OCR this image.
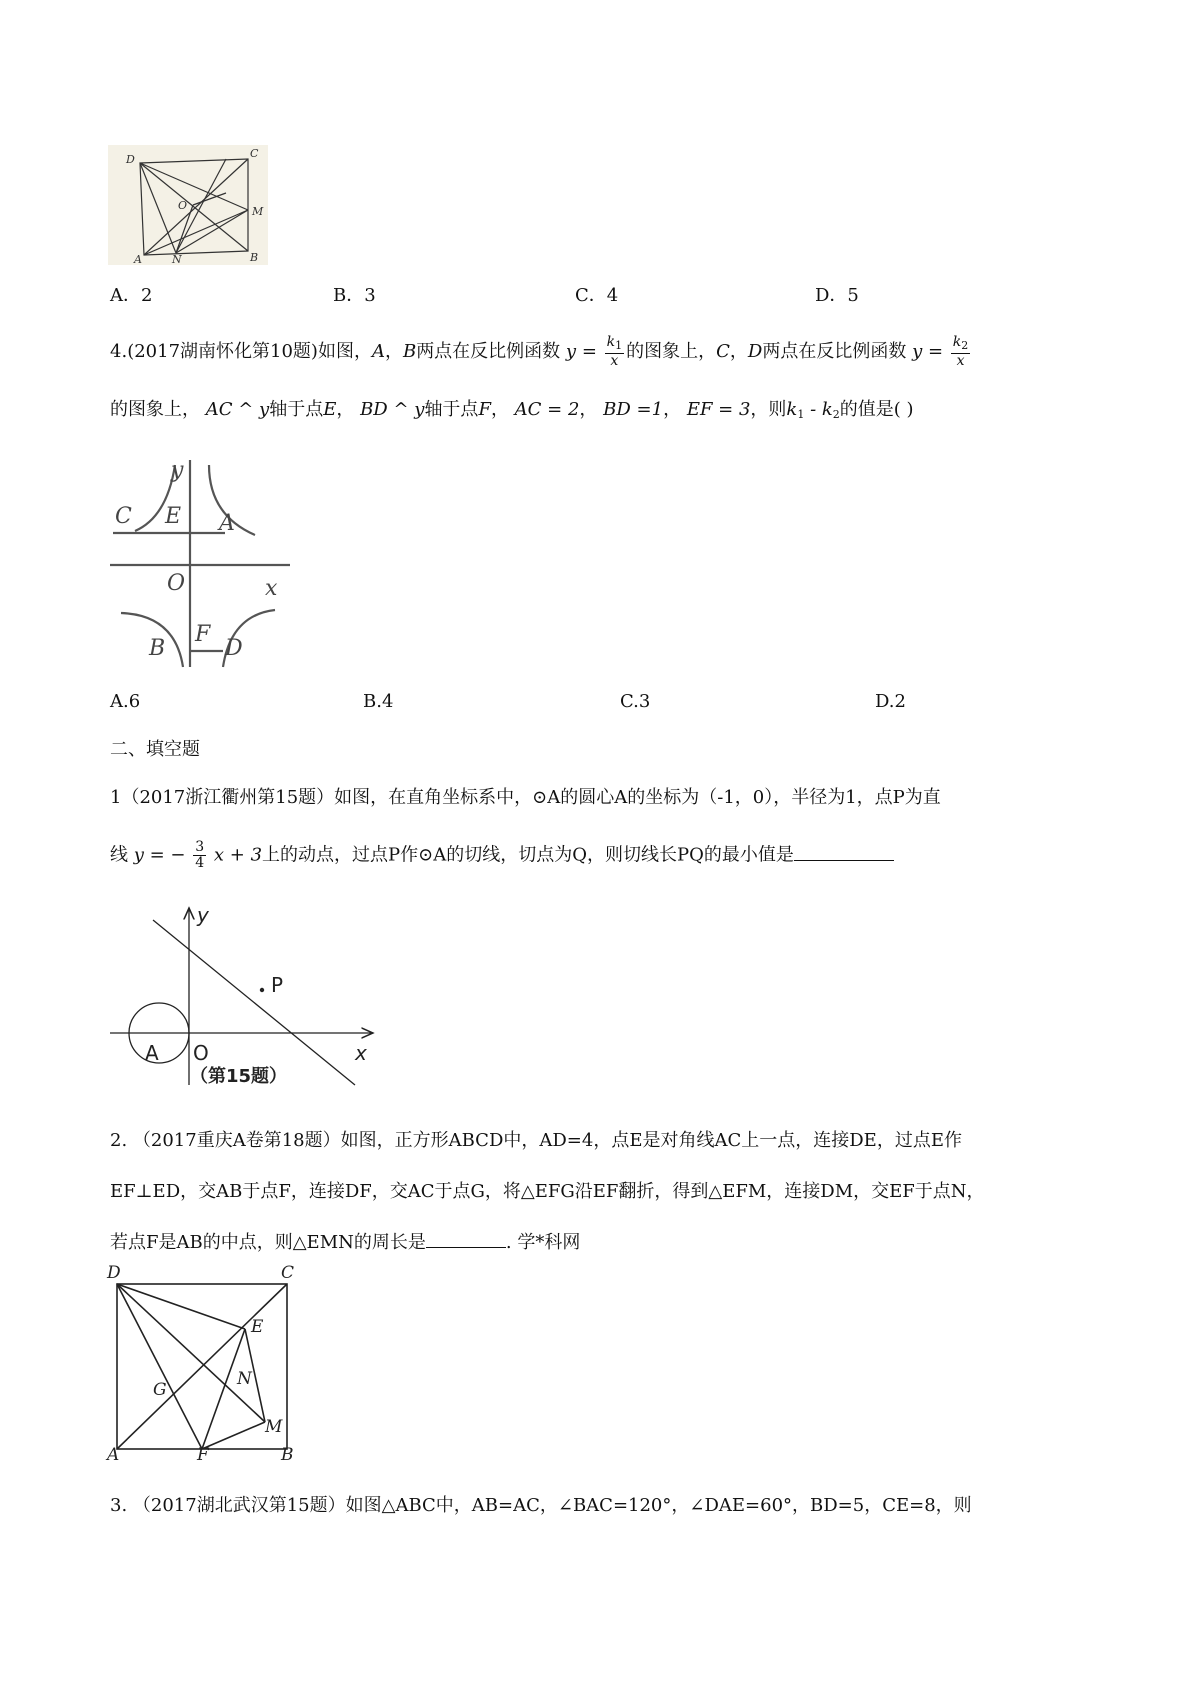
D	C
O	M
A	N	B
A．2	B．3	C．4	D．5
4.(2017湖南怀化第10题)如图，A，B两点在反比例函数 $y = \frac{k_1}{x}$ 的图象上，C，D两点在反比例函数 $y = \frac{k_2}{x}$
的图象上， AC ^ y轴于点E， BD ^ y轴于点F， AC = 2， BD =1， EF = 3，则$k_1 - k_2$的值是( )
y
C E A
O	x
B
F
D
A.6	B.4	C.3	D.2
二、填空题
1（2017浙江衢州第15题）如图，在直角坐标系中，⊙A的圆心A的坐标为（-1，0），半径为1，点P为直
线 y = − $\frac{3}{4}$ x + 3上的动点，过点P作⊙A的切线，切点为Q，则切线长PQ的最小值是
y
P
A O	x
（第15题）
2. （2017重庆A卷第18题）如图，正方形ABCD中，AD=4，点E是对角线AC上一点，连接DE，过点E作
EF⊥ED，交AB于点F，连接DF，交AC于点G，将△EFG沿EF翻折，得到△EFM，连接DM，交EF于点N，
若点F是AB的中点，则△EMN的周长是	. 学*科网
D	C
E
G
N
M
A	F	B
3. （2017湖北武汉第15题）如图△ABC中，AB=AC，∠BAC=120°，∠DAE=60°，BD=5，CE=8，则
